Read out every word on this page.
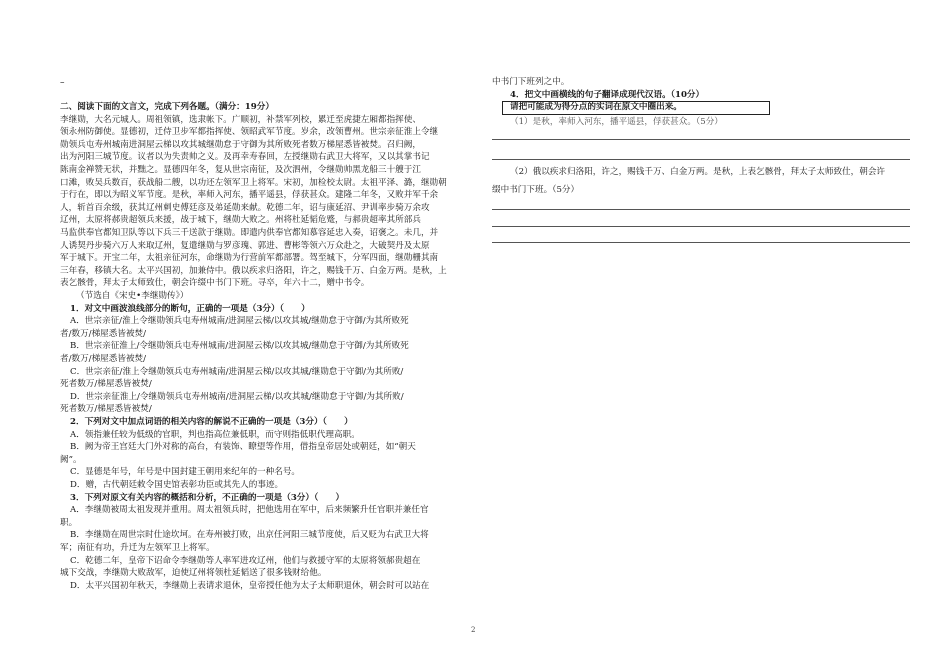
–
二、阅读下面的文言文，完成下列各题。（满分：19分）
李继勋，大名元城人。周祖领镇，选隶帐下。广顺初，补禁军列校，累迁至虎捷左厢都指挥使、
领永州防御使。显德初，迁侍卫步军都指挥使、领昭武军节度。岁余，改领曹州。世宗亲征淮上令继
勋领兵屯寿州城南进洞屋云梯以攻其城继勋怠于守御为其所败死者数万梯屋悉皆被焚。召归阙，
出为河阳三城节度。议者以为失责帅之义。及再幸寿春回，左授继勋右武卫大将军，又以其掌书记
陈南金禅赞无状，并黜之。显德四年冬，复从世宗南征，及次泗州，令继勋帅黑龙船三十艘于江
口滩，败吴兵数百，获战船二艘，以功还左领军卫上将军。宋初，加检校太尉。太祖平泽、潞，继勋朝
于行在，即以为昭义军节度。是秋，率师入河东，播平遥县，俘获甚众。建隆二年冬，又败并军千余
人，斩首百余级，获其辽州刺史傅廷彦及弟延勋来献。乾德二年，诏与康延沼、尹训率步骑万余攻
辽州，太原将郝贵超领兵来援，战于城下，继勋大败之。州将杜延韬危蹙，与郝贵超率其所部兵
马监供奉官都知卫队等以下兵三千送款于继勋。即遣内供奉官都知慕容延忠入奏，诏褒之。未几，并
人诱契丹步骑六万人来取辽州，复遣继勋与罗彦瑰、郭进、曹彬等领六万众赴之，大破契丹及太原
军于城下。开宝二年，太祖亲征河东，命继勋为行营前军都部署。驾至城下，分军四面，继勋栅其南
三年春，移镇大名。太平兴国初，加兼侍中。俄以疾求归洛阳，许之，赐钱千万、白金万两。是秋，上
表乞骸骨，拜太子太师致仕，朝会许缀中书门下班。寻卒，年六十二，赠中书令。
（节选自《宋史•李继勋传》）
1．对文中画波浪线部分的断句，正确的一项是（3分）（　　）
A．世宗亲征/淮上令继勋领兵屯寿州城南/进洞屋云梯/以攻其城/继勋怠于守御/为其所败死
者/数万/梯屋悉皆被焚/
B．世宗亲征淮上/令继勋领兵屯寿州城南/进洞屋云梯/以攻其城/继勋怠于守御/为其所败死
者/数万/梯屋悉皆被焚/
C．世宗亲征/淮上令继勋领兵屯寿州城南/进洞屋云梯/以攻其城/继勋怠于守御/为其所败/
死者数万/梯屋悉皆被焚/
D．世宗亲征淮上/令继勋领兵屯寿州城南/进洞屋云梯/以攻其城/继勋怠于守御/为其所败/
死者数万/梯屋悉皆被焚/
2．下列对文中加点词语的相关内容的解说不正确的一项是（3分）（　　）
A．领指兼任较为低级的官职，判也指高位兼低职，而守则指低职代理高职。
B．阙为帝王宫廷大门外对称的高台，有装饰、瞭望等作用，借指皇帝居处或朝廷，如“朝天
阙”。
C．显德是年号，年号是中国封建王朝用来纪年的一种名号。
D．赠，古代朝廷敕令国史馆表彰功臣或其先人的事迹。
3．下列对原文有关内容的概括和分析，不正确的一项是（3分）（　　）
A．李继勋被周太祖发现并重用。周太祖领兵时，把他选用在军中，后来频繁升任官职并兼任官
职。
B．李继勋在周世宗时仕途坎坷。在寿州被打败，出京任河阳三城节度使，后又贬为右武卫大将
军；南征有功，升迁为左领军卫上将军。
C．乾德二年，皇帝下诏命令李继勋等人率军进攻辽州，他们与救援守军的太原将领郝贵超在
城下交战，李继勋大败敌军，迫使辽州将领杜延韬送了很多钱财给他。
D．太平兴国初年秋天，李继勋上表请求退休，皇帝授任他为太子太师职退休，朝会时可以站在
中书门下班列之中。
4．把文中画横线的句子翻译成现代汉语。（10分）
请把可能成为得分点的实词在原文中圈出来。
（1）是秋，率师入河东，播平遥县，俘获甚众。（5分）
（2）俄以疾求归洛阳，许之，赐钱千万、白金万两。是秋，上表乞骸骨，拜太子太师致仕，朝会许
缀中书门下班。（5分）
2
